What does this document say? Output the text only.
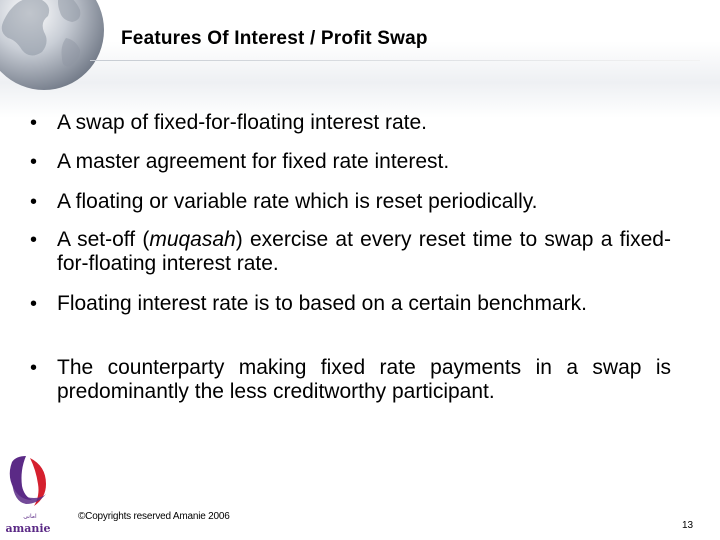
Features Of Interest / Profit Swap
• A swap of fixed-for-floating interest rate.
• A master agreement for fixed rate interest.
• A floating or variable rate which is reset periodically.
• A set-off (muqasah) exercise at every reset time to swap a fixed-for-floating interest rate.
• Floating interest rate is to based on a certain benchmark.
• The counterparty making fixed rate payments in a swap is predominantly the less creditworthy participant.
امانى
amanie
©Copyrights reserved Amanie 2006
13
